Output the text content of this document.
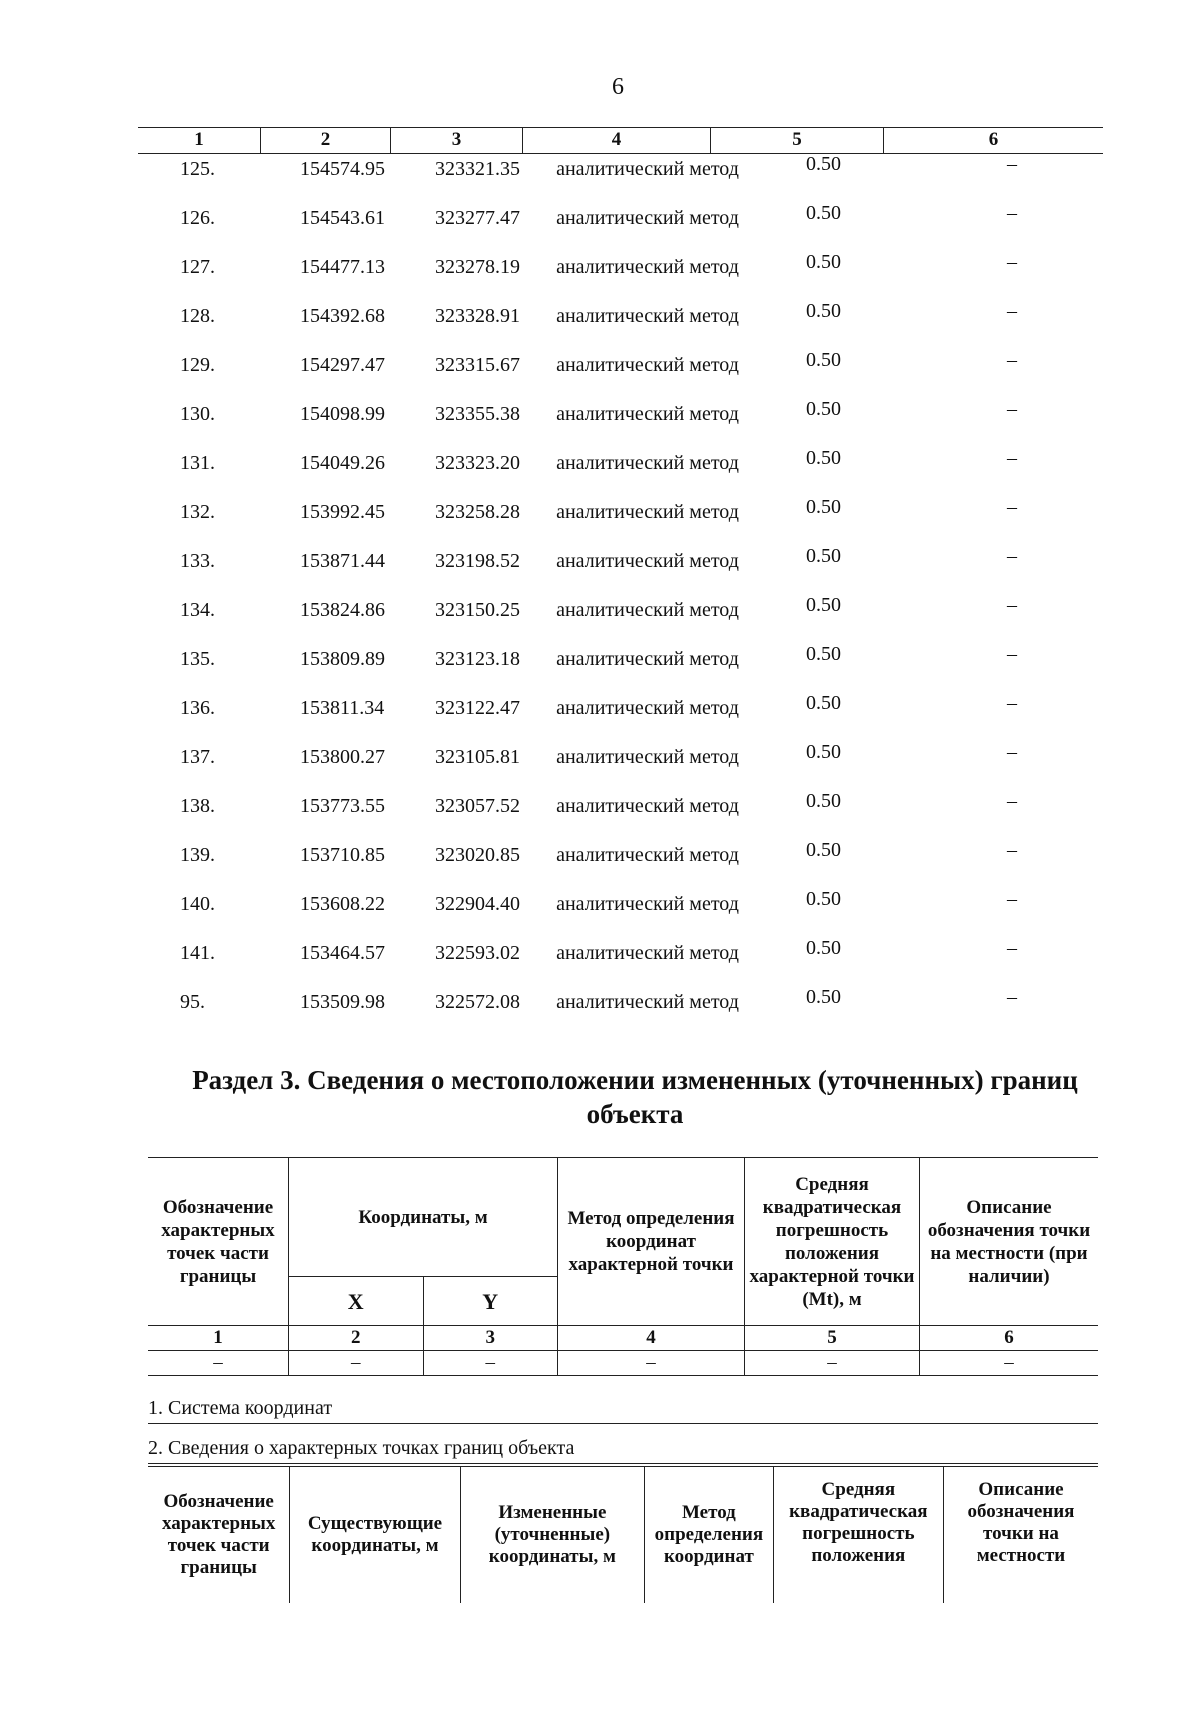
6
1	2	3	4	5	6
125.	154574.95	323321.35	аналитический метод	0.50	–
126.	154543.61	323277.47	аналитический метод	0.50	–
127.	154477.13	323278.19	аналитический метод	0.50	–
128.	154392.68	323328.91	аналитический метод	0.50	–
129.	154297.47	323315.67	аналитический метод	0.50	–
130.	154098.99	323355.38	аналитический метод	0.50	–
131.	154049.26	323323.20	аналитический метод	0.50	–
132.	153992.45	323258.28	аналитический метод	0.50	–
133.	153871.44	323198.52	аналитический метод	0.50	–
134.	153824.86	323150.25	аналитический метод	0.50	–
135.	153809.89	323123.18	аналитический метод	0.50	–
136.	153811.34	323122.47	аналитический метод	0.50	–
137.	153800.27	323105.81	аналитический метод	0.50	–
138.	153773.55	323057.52	аналитический метод	0.50	–
139.	153710.85	323020.85	аналитический метод	0.50	–
140.	153608.22	322904.40	аналитический метод	0.50	–
141.	153464.57	322593.02	аналитический метод	0.50	–
95.	153509.98	322572.08	аналитический метод	0.50	–
Раздел 3. Сведения о местоположении измененных (уточненных) границ объекта
Обозначение характерных точек части границы	Координаты, м		Метод определения координат характерной точки	Средняя квадратическая погрешность положения характерной точки (Mt), м	Описание обозначения точки на местности (при наличии)
	X	Y			
1	2	3	4	5	6
–	–	–	–	–	–
1. Система координат
2. Сведения о характерных точках границ объекта
Обозначение характерных точек части границы	Существующие координаты, м	Измененные (уточненные) координаты, м	Метод определения координат	Средняя квадратическая погрешность положения	Описание обозначения точки на местности
